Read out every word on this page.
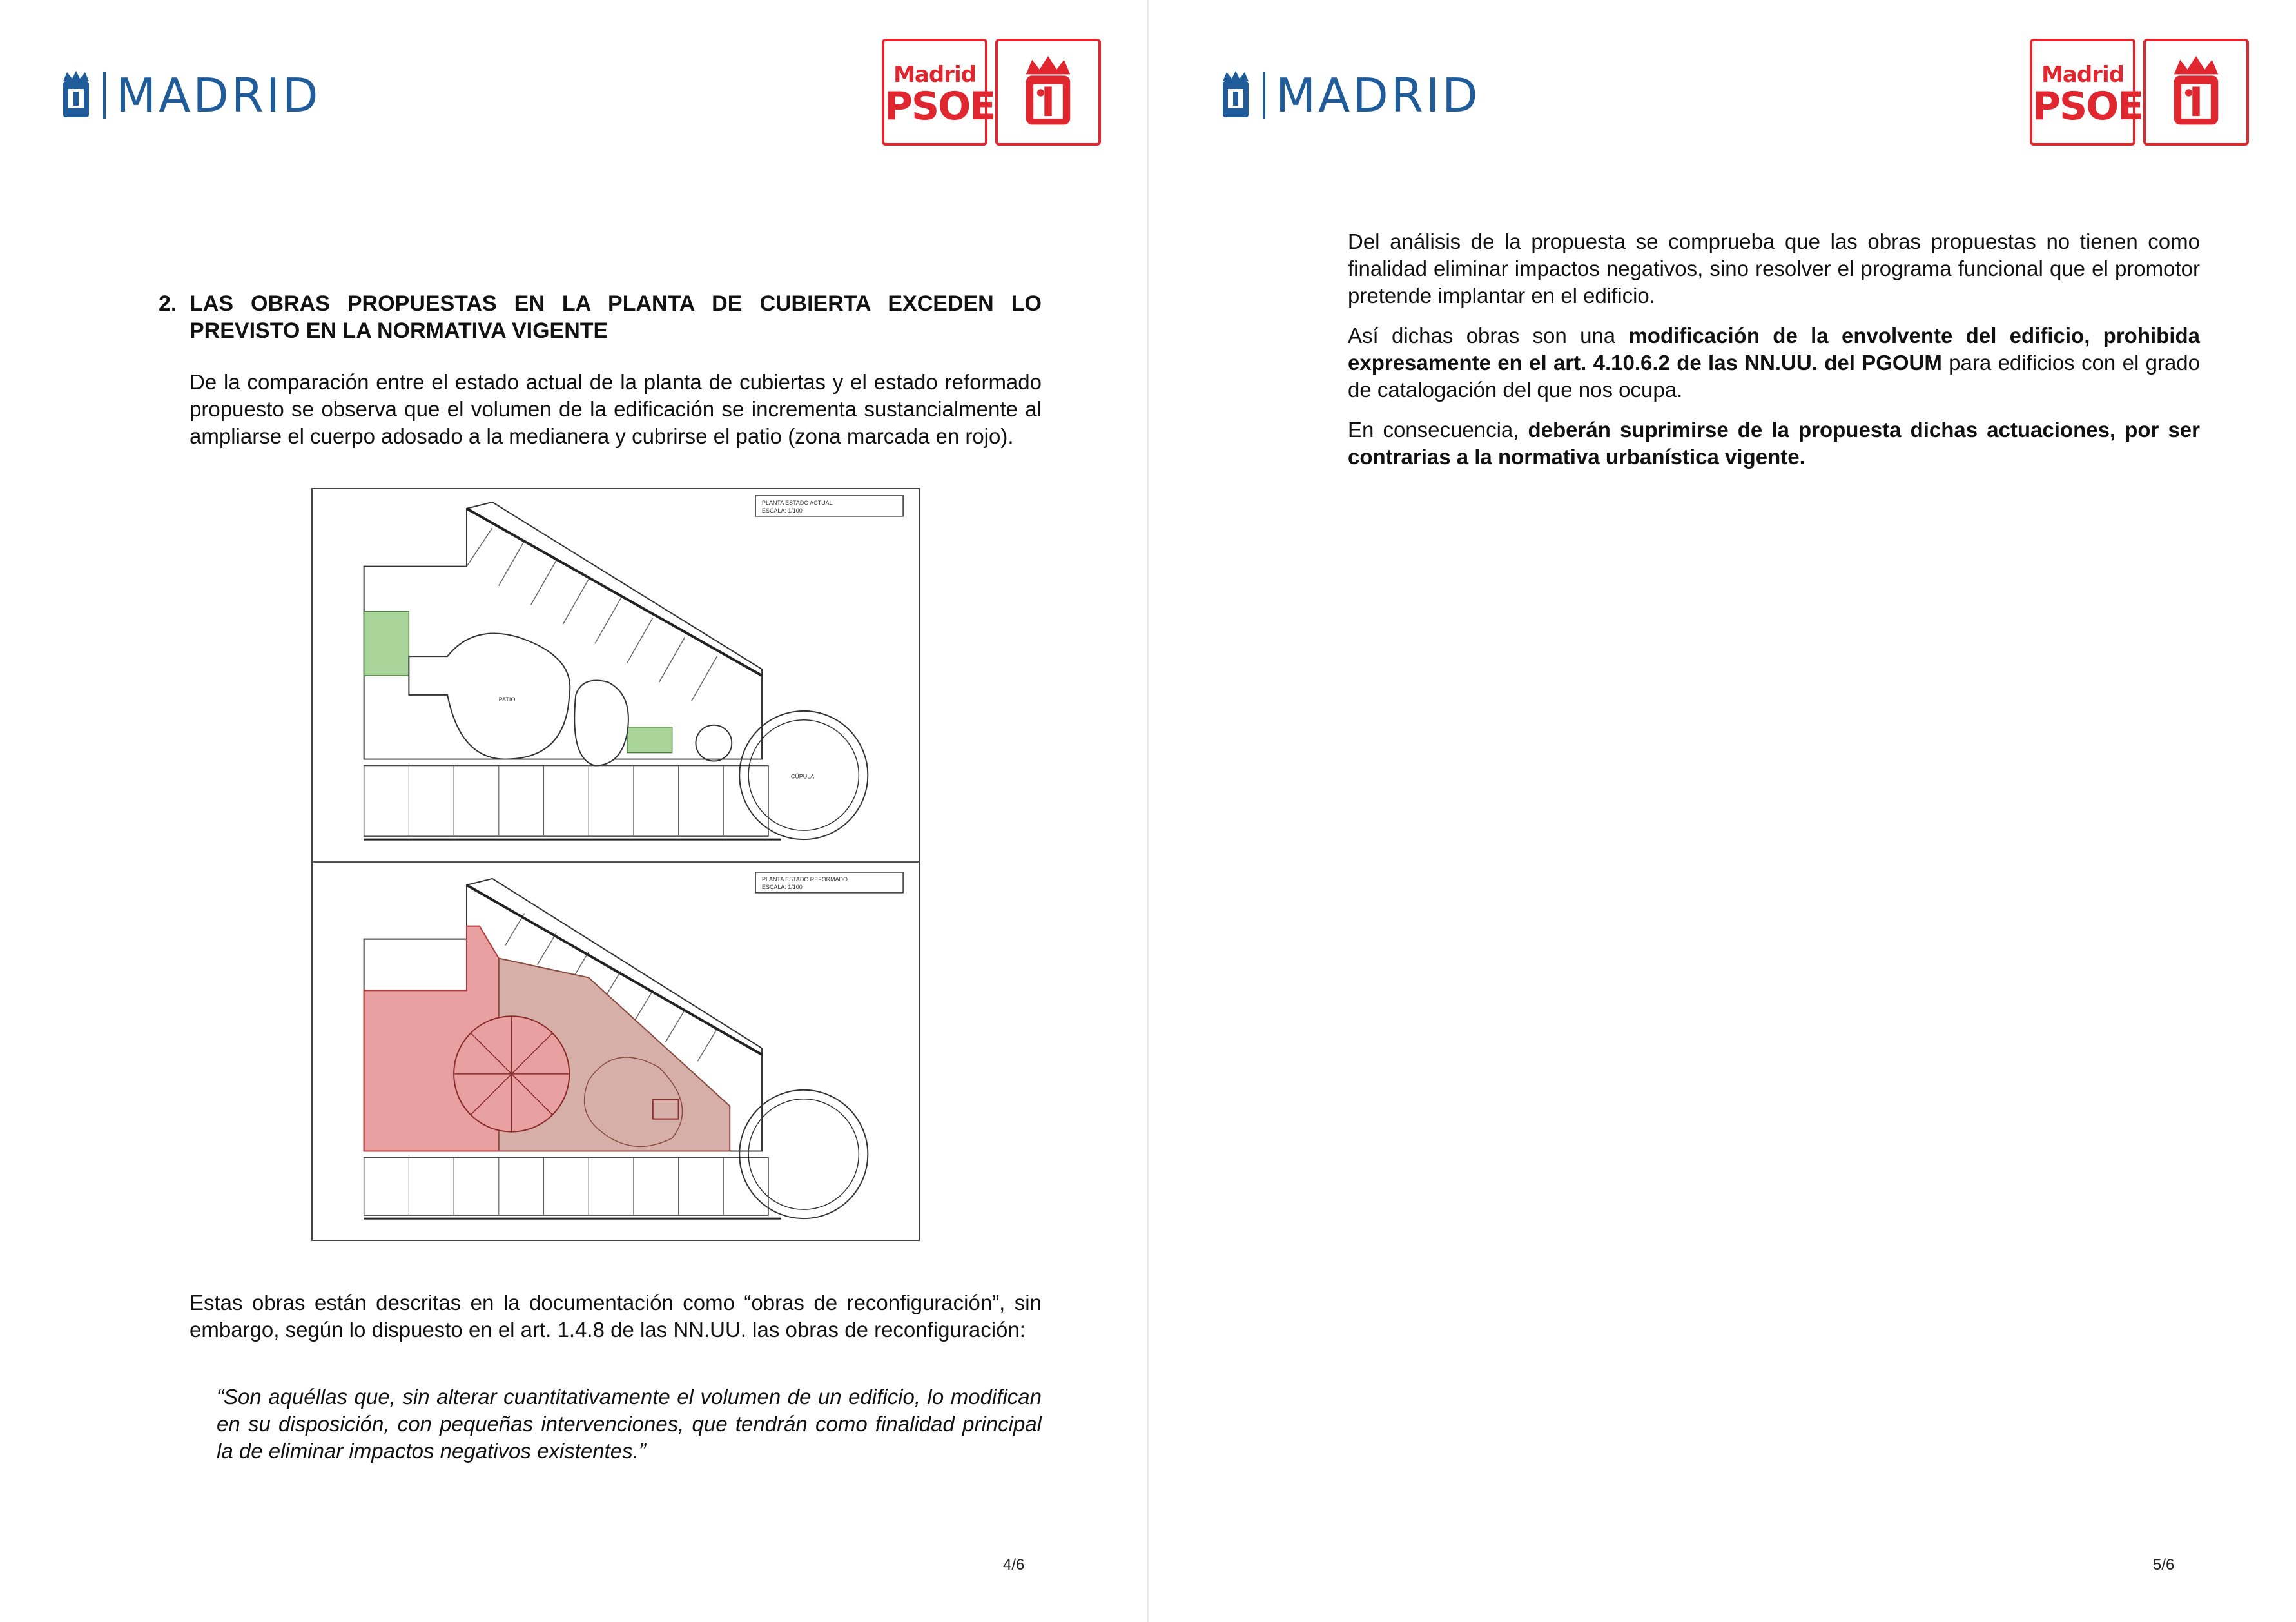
MADRID	Madrid
PSOE
2. LAS OBRAS PROPUESTAS EN LA PLANTA DE CUBIERTA EXCEDEN LO PREVISTO EN LA NORMATIVA VIGENTE

De la comparación entre el estado actual de la planta de cubiertas y el estado reformado propuesto se observa que el volumen de la edificación se incrementa sustancialmente al ampliarse el cuerpo adosado a la medianera y cubrirse el patio (zona marcada en rojo).

PLANTA ESTADO ACTUAL
ESCALA: 1/100
PATIO
CÚPULA
PLANTA ESTADO REFORMADO
ESCALA: 1/100

Estas obras están descritas en la documentación como “obras de reconfiguración”, sin embargo, según lo dispuesto en el art. 1.4.8 de las NN.UU. las obras de reconfiguración:

“Son aquéllas que, sin alterar cuantitativamente el volumen de un edificio, lo modifican en su disposición, con pequeñas intervenciones, que tendrán como finalidad principal la de eliminar impactos negativos existentes.”

4/6
MADRID	Madrid
PSOE

Del análisis de la propuesta se comprueba que las obras propuestas no tienen como finalidad eliminar impactos negativos, sino resolver el programa funcional que el promotor pretende implantar en el edificio.

Así dichas obras son una modificación de la envolvente del edificio, prohibida expresamente en el art. 4.10.6.2 de las NN.UU. del PGOUM para edificios con el grado de catalogación del que nos ocupa.

En consecuencia, deberán suprimirse de la propuesta dichas actuaciones, por ser contrarias a la normativa urbanística vigente.

5/6
